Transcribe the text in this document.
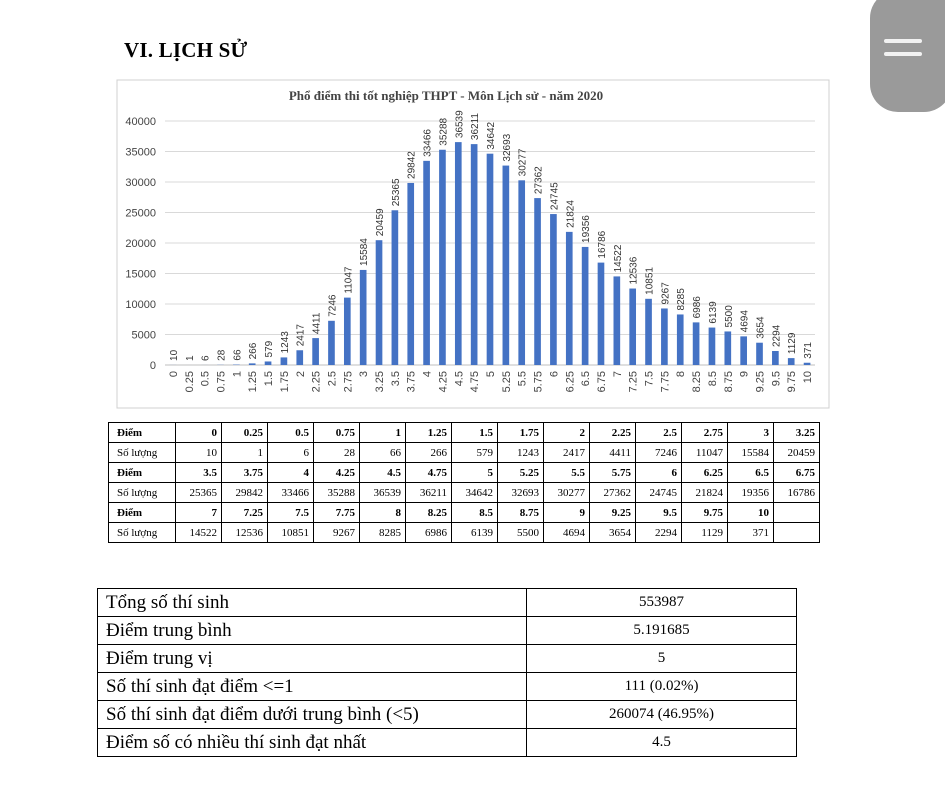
VI. LỊCH SỬ
10 1 6 28 66 266 579 1243 2417
4411
7246
11047
15584
20459
25365
29842
33466 35288 36539 36211 34642 32693
30277
27362
24745
21824
19356
16786 14522 12536 10851 9267 8285 6986 6139 5500 4694 3654 2294 1129 371
0 0.25 0.5 0.75 1 1.25 1.5 1.75 2 2.25 2.5 2.75 3 3.25 3.5 3.75 4 4.25 4.5 4.75 5 5.25 5.5 5.75 6 6.25 6.5 6.75 7 7.25 7.5 7.75 8 8.25 8.5 8.75 9 9.25 9.5 9.75 10
0
5000
10000
15000
20000
25000
30000
35000
40000
Phổ điểm thi tốt nghiệp THPT - Môn Lịch sử - năm 2020
Điểm	0	0.25	0.5	0.75	1	1.25	1.5	1.75	2	2.25	2.5	2.75	3	3.25
Số lượng	10	1	6	28	66	266	579	1243	2417	4411	7246	11047	15584	20459
Điểm	3.5	3.75	4	4.25	4.5	4.75	5	5.25	5.5	5.75	6	6.25	6.5	6.75
Số lượng	25365	29842	33466	35288	36539	36211	34642	32693	30277	27362	24745	21824	19356	16786
Điểm	7	7.25	7.5	7.75	8	8.25	8.5	8.75	9	9.25	9.5	9.75	10	
Số lượng	14522	12536	10851	9267	8285	6986	6139	5500	4694	3654	2294	1129	371	
Tổng số thí sinh	553987
Điểm trung bình	5.191685
Điểm trung vị	5
Số thí sinh đạt điểm <=1	111 (0.02%)
Số thí sinh đạt điểm dưới trung bình (<5)	260074 (46.95%)
Điểm số có nhiều thí sinh đạt nhất	4.5
